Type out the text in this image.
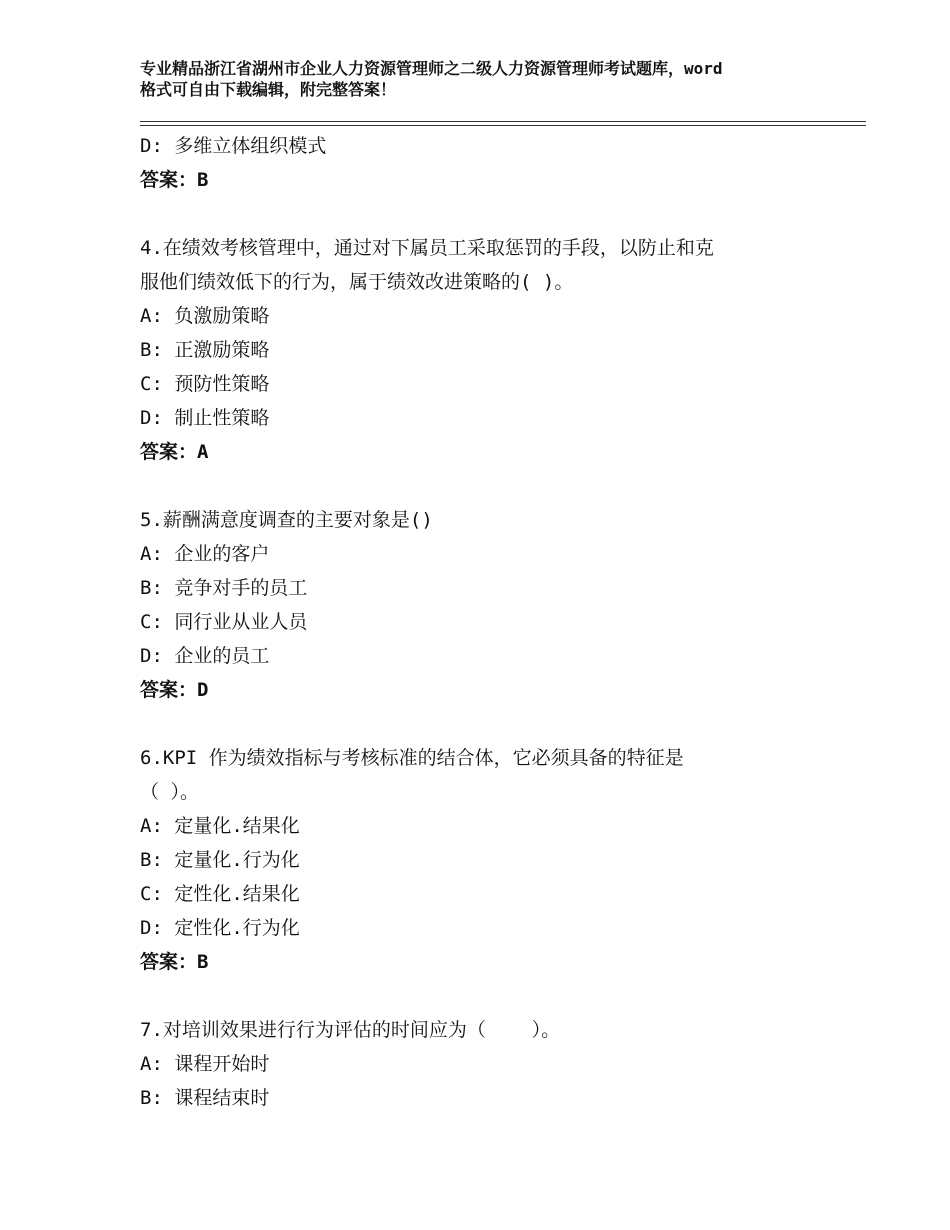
专业精品浙江省湖州市企业人力资源管理师之二级人力资源管理师考试题库，word
格式可自由下载编辑，附完整答案！
D: 多维立体组织模式
答案：B
4.在绩效考核管理中，通过对下属员工采取惩罚的手段，以防止和克
服他们绩效低下的行为，属于绩效改进策略的( )。
A: 负激励策略
B: 正激励策略
C: 预防性策略
D: 制止性策略
答案：A
5.薪酬满意度调查的主要对象是()
A: 企业的客户
B: 竞争对手的员工
C: 同行业从业人员
D: 企业的员工
答案：D
6.KPI 作为绩效指标与考核标准的结合体，它必须具备的特征是
（ ）。
A: 定量化.结果化
B: 定量化.行为化
C: 定性化.结果化
D: 定性化.行为化
答案：B
7.对培训效果进行行为评估的时间应为（    ）。
A: 课程开始时
B: 课程结束时
